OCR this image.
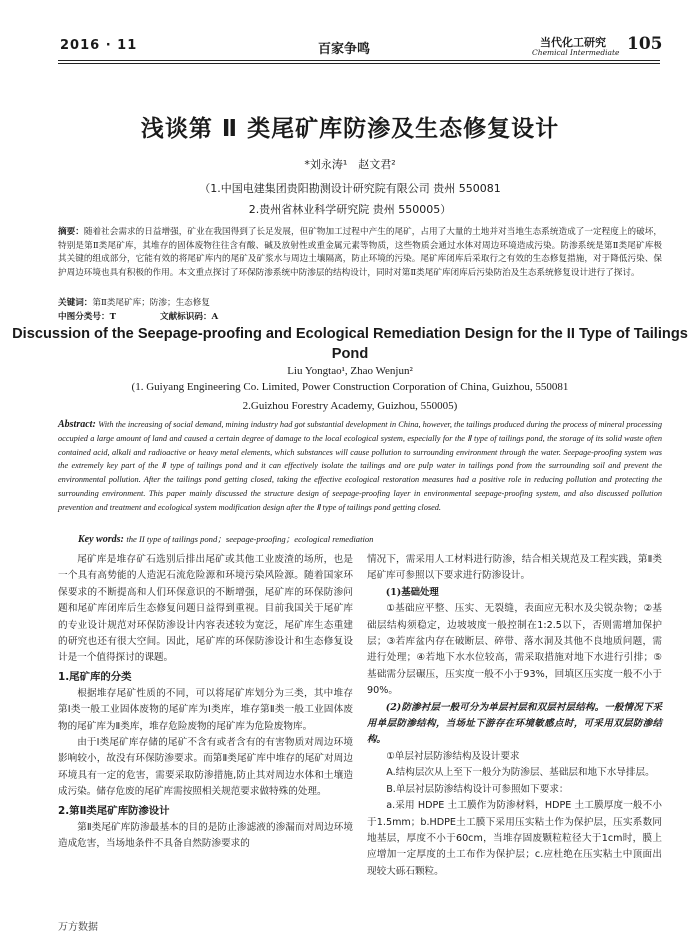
2016 · 11	百家争鸣	当代化工研究
Chemical Intermediate 105
浅谈第 Ⅱ 类尾矿库防渗及生态修复设计
*刘永涛¹　赵文君²
（1.中国电建集团贵阳勘测设计研究院有限公司 贵州 550081
2.贵州省林业科学研究院 贵州 550005）
摘要：随着社会需求的日益增强，矿业在我国得到了长足发展，但矿物加工过程中产生的尾矿，占用了大量的土地并对当地生态系统造成了一定程度上的破坏，特别是第Ⅱ类尾矿库，其堆存的固体废物往往含有酸、碱及放射性或重金属元素等物质，这些物质会通过水体对周边环境造成污染。防渗系统是第Ⅱ类尾矿库极其关键的组成部分，它能有效的将尾矿库内的尾矿及矿浆水与周边土壤隔离，防止环境的污染。尾矿库闭库后采取行之有效的生态修复措施，对于降低污染、保护周边环境也具有积极的作用。本文重点探讨了环保防渗系统中防渗层的结构设计，同时对第Ⅱ类尾矿库闭库后污染防治及生态系统修复设计进行了探讨。
关键词：第Ⅱ类尾矿库；防渗；生态修复
中图分类号：T	文献标识码：A
Discussion of the Seepage-proofing and Ecological Remediation Design for the II Type of Tailings Pond
Liu Yongtao¹, Zhao Wenjun²
(1. Guiyang Engineering Co. Limited, Power Construction Corporation of China, Guizhou, 550081
2.Guizhou Forestry Academy, Guizhou, 550005)
Abstract: With the increasing of social demand, mining industry had got substantial development in China, however, the tailings produced during the process of mineral processing occupied a large amount of land and caused a certain degree of damage to the local ecological system, especially for the Ⅱ type of tailings pond, the storage of its solid waste often contained acid, alkali and radioactive or heavy metal elements, which substances will cause pollution to surrounding environment through the water. Seepage-proofing system was the extremely key part of the Ⅱ type of tailings pond and it can effectively isolate the tailings and ore pulp water in tailings pond from the surrounding soil and prevent the environmental pollution. After the tailings pond getting closed, taking the effective ecological restoration measures had a positive role in reducing pollution and protecting the surrounding environment. This paper mainly discussed the structure design of seepage-proofing layer in environmental seepage-proofing system, and also discussed pollution prevention and treatment and ecological system modification design after the Ⅱ type of tailings pond getting closed.
Key words: the II type of tailings pond；seepage-proofing；ecological remediation

尾矿库是堆存矿石选别后排出尾矿或其他工业废渣的场所，也是一个具有高势能的人造泥石流危险源和环境污染风险源。随着国家环保要求的不断提高和人们环保意识的不断增强，尾矿库的环保防渗问题和尾矿库闭库后生态修复问题日益得到重视。目前我国关于尾矿库的专业设计规范对环保防渗设计内容表述较为宽泛，尾矿库生态重建的研究也还有很大空间。因此，尾矿库的环保防渗设计和生态修复设计是一个值得探讨的课题。

1.尾矿库的分类

根据堆存尾矿性质的不同，可以将尾矿库划分为三类，其中堆存第Ⅰ类一般工业固体废物的尾矿库为Ⅰ类库，堆存第Ⅱ类一般工业固体废物的尾矿库为Ⅱ类库，堆存危险废物的尾矿库为危险废物库。

由于Ⅰ类尾矿库存储的尾矿不含有或者含有的有害物质对周边环境影响较小，故没有环保防渗要求。而第Ⅱ类尾矿库中堆存的尾矿对周边环境具有一定的危害，需要采取防渗措施,防止其对周边水体和土壤造成污染。储存危废的尾矿库需按照相关规范要求做特殊的处理。

2.第Ⅱ类尾矿库防渗设计

第Ⅱ类尾矿库防渗最基本的目的是防止渗滤液的渗漏而对周边环境造成危害，当场地条件不具备自然防渗要求的

情况下，需采用人工材料进行防渗，结合相关规范及工程实践，第Ⅱ类尾矿库可参照以下要求进行防渗设计。

(1)基础处理

①基础应平整、压实、无裂缝，表面应无积水及尖锐杂物；②基础层结构须稳定，边坡坡度一般控制在1:2.5以下，否则需增加保护层；③若库盆内存在破断层、碎带、落水洞及其他不良地质问题，需进行处理；④若地下水水位较高，需采取措施对地下水进行引排；⑤基础需分层碾压，压实度一般不小于93%，回填区压实度一般不小于90%。

(2)防渗衬层一般可分为单层衬层和双层衬层结构。一般情况下采用单层防渗结构，当场址下游存在环境敏感点时，可采用双层防渗结构。

①单层衬层防渗结构及设计要求

A.结构层次从上至下一般分为防渗层、基础层和地下水导排层。

B.单层衬层防渗结构设计可参照如下要求：

a.采用 HDPE 土工膜作为防渗材料，HDPE 土工膜厚度一般不小于1.5mm；b.HDPE土工膜下采用压实粘土作为保护层，压实系数同地基层，厚度不小于60cm，当堆存固废颗粒粒径大于1cm时，膜上应增加一定厚度的土工布作为保护层；c.应杜绝在压实粘土中顶面出现较大砾石颗粒。

万方数据
